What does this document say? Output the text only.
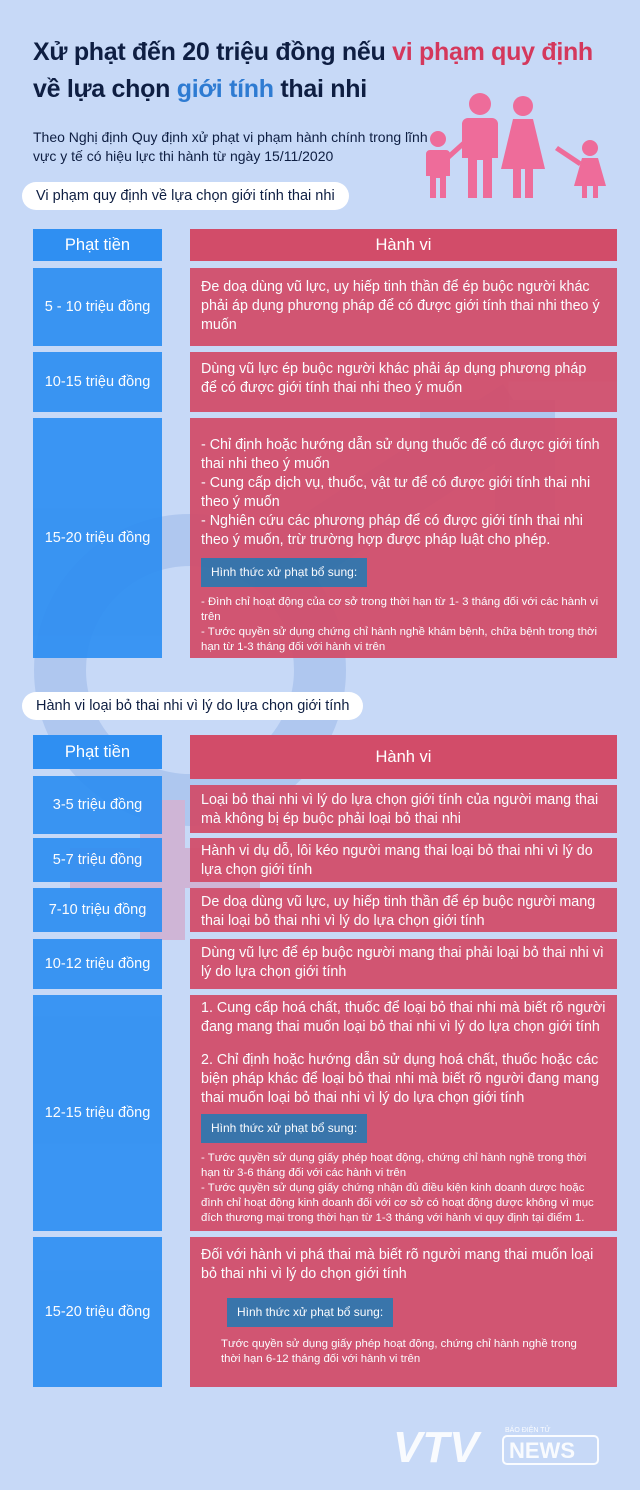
Xử phạt đến 20 triệu đồng nếu vi phạm quy định
về lựa chọn giới tính thai nhi
Theo Nghị định Quy định xử phạt vi phạm hành chính trong lĩnh vực y tế có hiệu lực thi hành từ ngày 15/11/2020
Vi phạm quy định về lựa chọn giới tính thai nhi
Phạt tiền	Hành vi
5 - 10 triệu đồng
Đe doạ dùng vũ lực, uy hiếp tinh thần để ép buộc người khác phải áp dụng phương pháp để có được giới tính thai nhi theo ý muốn
10-15 triệu đồng
Dùng vũ lực ép buộc người khác phải áp dụng phương pháp để có được giới tính thai nhi theo ý muốn
15-20 triệu đồng

- Chỉ định hoặc hướng dẫn sử dụng thuốc để có được giới tính thai nhi theo ý muốn

- Cung cấp dịch vụ, thuốc, vật tư để có được giới tính thai nhi theo ý muốn

- Nghiên cứu các phương pháp để có được giới tính thai nhi theo ý muốn, trừ trường hợp được pháp luật cho phép.

Hình thức xử phạt bổ sung:

- Đình chỉ hoạt động của cơ sở trong thời hạn từ 1- 3 tháng đối với các hành vi trên

- Tước quyền sử dụng chứng chỉ hành nghề khám bệnh, chữa bệnh trong thời hạn từ 1-3 tháng đối với hành vi trên

Hành vi loại bỏ thai nhi vì lý do lựa chọn giới tính
Phạt tiền	Hành vi
3-5 triệu đồng	Loại bỏ thai nhi vì lý do lựa chọn giới tính của người mang thai mà không bị ép buộc phải loại bỏ thai nhi
5-7 triệu đồng
Hành vi dụ dỗ, lôi kéo người mang thai loại bỏ thai nhi vì lý do lựa chọn giới tính
7-10 triệu đồng	De doạ dùng vũ lực, uy hiếp tinh thần để ép buộc người mang thai loại bỏ thai nhi vì lý do lựa chọn giới tính
10-12 triệu đồng
Dùng vũ lực để ép buộc người mang thai phải loại bỏ thai nhi vì lý do lựa chọn giới tính
12-15 triệu đồng

1. Cung cấp hoá chất, thuốc để loại bỏ thai nhi mà biết rõ người đang mang thai muốn loại bỏ thai nhi vì lý do lựa chọn giới tính

2. Chỉ định hoặc hướng dẫn sử dụng hoá chất, thuốc hoặc các biện pháp khác để loại bỏ thai nhi mà biết rõ người đang mang thai muốn loại bỏ thai nhi vì lý do lựa chọn giới tính

Hình thức xử phạt bổ sung:

- Tước quyền sử dụng giấy phép hoạt động, chứng chỉ hành nghề trong thời hạn từ 3-6 tháng đối với các hành vi trên

- Tước quyền sử dụng giấy chứng nhận đủ điều kiện kinh doanh dược hoặc đình chỉ hoạt động kinh doanh đối với cơ sở có hoạt động dược không vì mục đích thương mại trong thời hạn từ 1-3 tháng với hành vi quy định tại điểm 1.

15-20 triệu đồng

Đối với hành vi phá thai mà biết rõ người mang thai muốn loại bỏ thai nhi vì lý do chọn giới tính

Hình thức xử phạt bổ sung:

Tước quyền sử dụng giấy phép hoạt động, chứng chỉ hành nghề trong thời hạn 6-12 tháng đối với hành vi trên

VTV	BÁO ĐIỆN TỬ
NEWS
